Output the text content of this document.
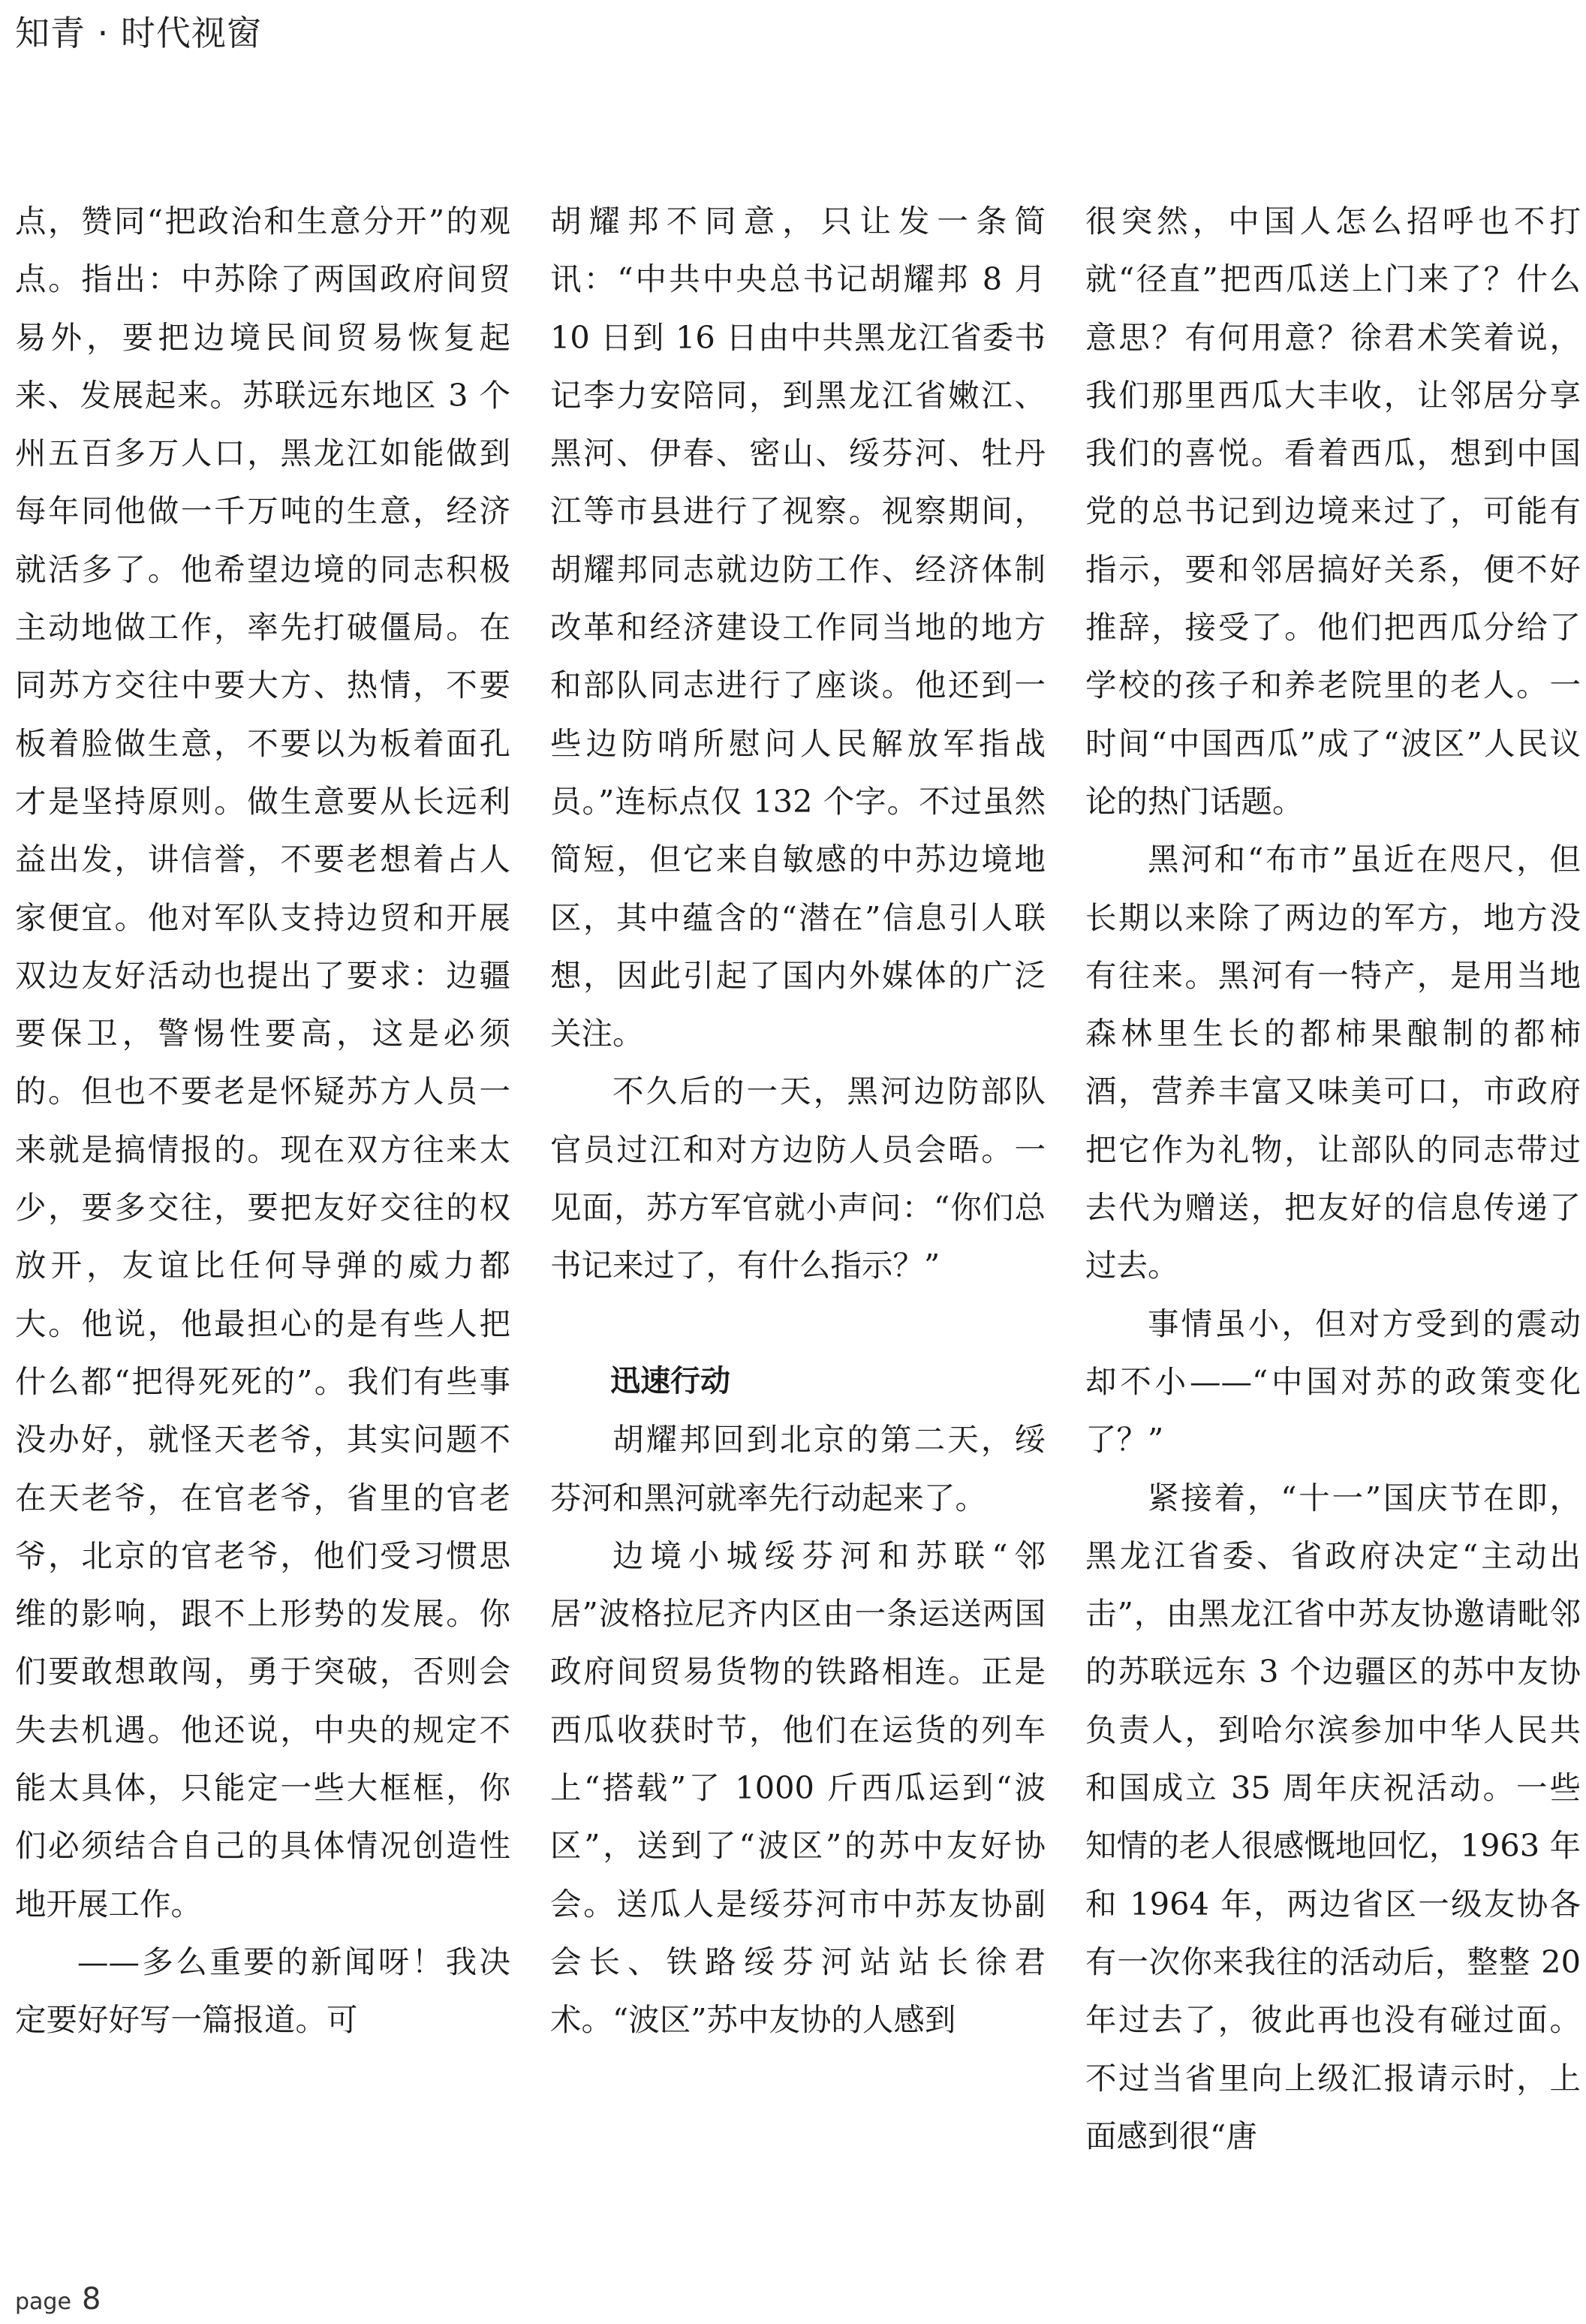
知青 · 时代视窗

点，赞同“把政治和生意分开”的观点。指出：中苏除了两国政府间贸易外，要把边境民间贸易恢复起来、发展起来。苏联远东地区 3 个州五百多万人口，黑龙江如能做到每年同他做一千万吨的生意，经济就活多了。他希望边境的同志积极主动地做工作，率先打破僵局。在同苏方交往中要大方、热情，不要板着脸做生意，不要以为板着面孔才是坚持原则。做生意要从长远利益出发，讲信誉，不要老想着占人家便宜。他对军队支持边贸和开展双边友好活动也提出了要求：边疆要保卫，警惕性要高，这是必须的。但也不要老是怀疑苏方人员一来就是搞情报的。现在双方往来太少，要多交往，要把友好交往的权放开，友谊比任何导弹的威力都大。他说，他最担心的是有些人把什么都“把得死死的”。我们有些事没办好，就怪天老爷，其实问题不在天老爷，在官老爷，省里的官老爷，北京的官老爷，他们受习惯思维的影响，跟不上形势的发展。你们要敢想敢闯，勇于突破，否则会失去机遇。他还说，中央的规定不能太具体，只能定一些大框框，你们必须结合自己的具体情况创造性地开展工作。

——多么重要的新闻呀！我决定要好好写一篇报道。可

胡耀邦不同意，只让发一条简讯：“中共中央总书记胡耀邦 8 月 10 日到 16 日由中共黑龙江省委书记李力安陪同，到黑龙江省嫩江、黑河、伊春、密山、绥芬河、牡丹江等市县进行了视察。视察期间，胡耀邦同志就边防工作、经济体制改革和经济建设工作同当地的地方和部队同志进行了座谈。他还到一些边防哨所慰问人民解放军指战员。”连标点仅 132 个字。不过虽然简短，但它来自敏感的中苏边境地区，其中蕴含的“潜在”信息引人联想，因此引起了国内外媒体的广泛关注。

不久后的一天，黑河边防部队官员过江和对方边防人员会晤。一见面，苏方军官就小声问：“你们总书记来过了，有什么指示？”

迅速行动

胡耀邦回到北京的第二天，绥芬河和黑河就率先行动起来了。

边境小城绥芬河和苏联“邻居”波格拉尼齐内区由一条运送两国政府间贸易货物的铁路相连。正是西瓜收获时节，他们在运货的列车上“搭载”了 1000 斤西瓜运到“波区”，送到了“波区”的苏中友好协会。送瓜人是绥芬河市中苏友协副会长、铁路绥芬河站站长徐君术。“波区”苏中友协的人感到

很突然，中国人怎么招呼也不打就“径直”把西瓜送上门来了？什么意思？有何用意？徐君术笑着说，我们那里西瓜大丰收，让邻居分享我们的喜悦。看着西瓜，想到中国党的总书记到边境来过了，可能有指示，要和邻居搞好关系，便不好推辞，接受了。他们把西瓜分给了学校的孩子和养老院里的老人。一时间“中国西瓜”成了“波区”人民议论的热门话题。

黑河和“布市”虽近在咫尺，但长期以来除了两边的军方，地方没有往来。黑河有一特产，是用当地森林里生长的都柿果酿制的都柿酒，营养丰富又味美可口，市政府把它作为礼物，让部队的同志带过去代为赠送，把友好的信息传递了过去。

事情虽小，但对方受到的震动却不小——“中国对苏的政策变化了？”

紧接着，“十一”国庆节在即，黑龙江省委、省政府决定“主动出击”，由黑龙江省中苏友协邀请毗邻的苏联远东 3 个边疆区的苏中友协负责人，到哈尔滨参加中华人民共和国成立 35 周年庆祝活动。一些知情的老人很感慨地回忆，1963 年和 1964 年，两边省区一级友协各有一次你来我往的活动后，整整 20 年过去了，彼此再也没有碰过面。不过当省里向上级汇报请示时，上面感到很“唐

page 8
